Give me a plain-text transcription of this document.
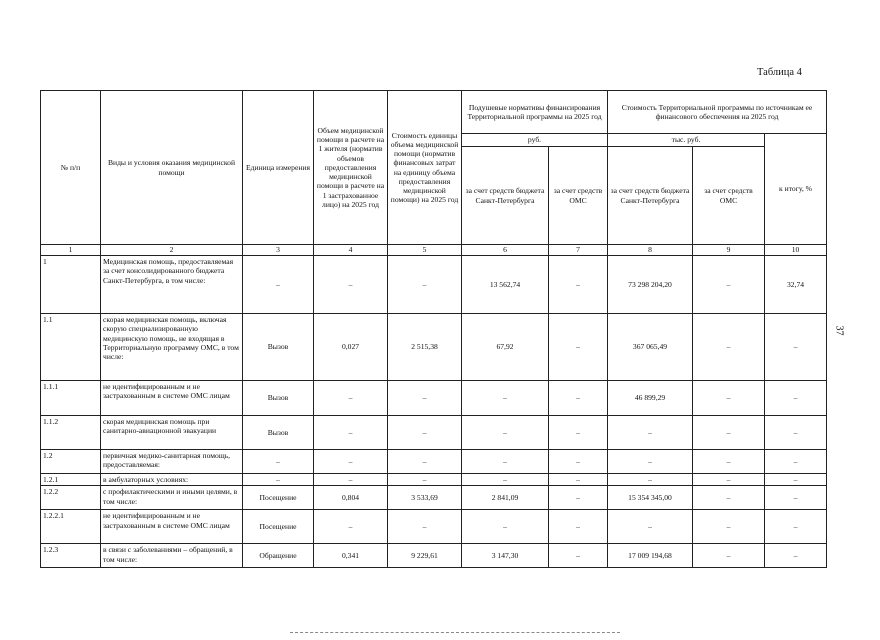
Таблица 4
37
№ п/п	Виды и условия оказания медицинской помощи	Единица измерения	Объем медицинской помощи в расчете на 1 жителя (норматив объемов предоставления медицинской помощи в расчете на 1 застрахованное лицо) на 2025 год	Стоимость единицы объема медицинской помощи (норматив финансовых затрат на единицу объема предоставления медицинской помощи) на 2025 год	Подушевые нормативы финансирования Территориальной программы на 2025 год		Стоимость Территориальной программы по источникам ее финансового обеспечения на 2025 год		
					руб.		тыс. руб.		к итогу, %
					за счет средств бюджета Санкт-Петербурга	за счет средств ОМС	за счет средств бюджета Санкт-Петербурга	за счет средств ОМС	
1	2	3	4	5	6	7	8	9	10
1	Медицинская помощь, предоставляемая за счет консолидированного бюджета Санкт-Петербурга, в том числе:	–	–	–	13 562,74	–	73 298 204,20	–	32,74
1.1	скорая медицинская помощь, включая скорую специализированную медицинскую помощь, не входящая в Территориальную программу ОМС, в том числе:	Вызов	0,027	2 515,38	67,92	–	367 065,49	–	–
1.1.1	не идентифицированным и не застрахованным в системе ОМС лицам	Вызов	–	–	–	–	46 899,29	–	–
1.1.2	скорая медицинская помощь при санитарно-авиационной эвакуации	Вызов	–	–	–	–	–	–	–
1.2	первичная медико-санитарная помощь, предоставляемая:	–	–	–	–	–	–	–	–
1.2.1	в амбулаторных условиях:	–	–	–	–	–	–	–	–
1.2.2	с профилактическими и иными целями, в том числе:	Посещение	0,804	3 533,69	2 841,09	–	15 354 345,00	–	–
1.2.2.1	не идентифицированным и не застрахованным в системе ОМС лицам	Посещение	–	–	–	–	–	–	–
1.2.3	в связи с заболеваниями – обращений, в том числе:	Обращение	0,341	9 229,61	3 147,30	–	17 009 194,68	–	–
